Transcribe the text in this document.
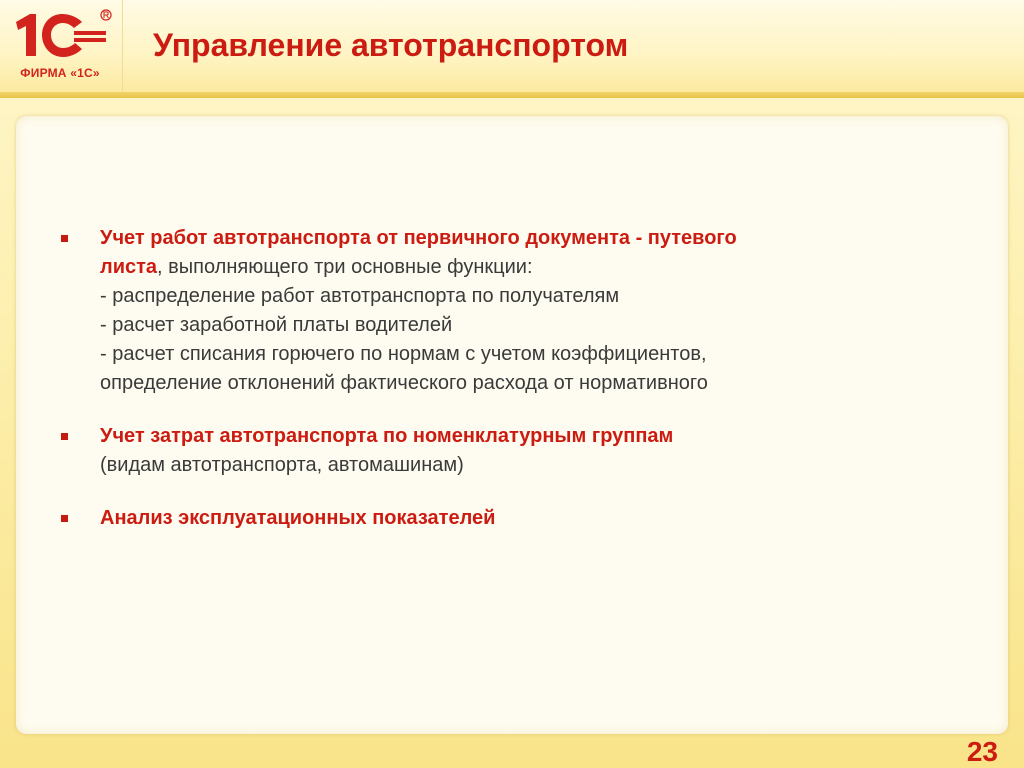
ФИРМА «1С»
Управление автотранспортом
Учет работ автотранспорта от первичного документа - путевого
листа, выполняющего три основные функции:
- распределение работ автотранспорта по получателям
- расчет заработной платы водителей
- расчет списания горючего по нормам с учетом коэффициентов,
определение отклонений фактического расхода от нормативного
Учет затрат автотранспорта по номенклатурным группам
(видам автотранспорта, автомашинам)
Анализ эксплуатационных показателей
23
